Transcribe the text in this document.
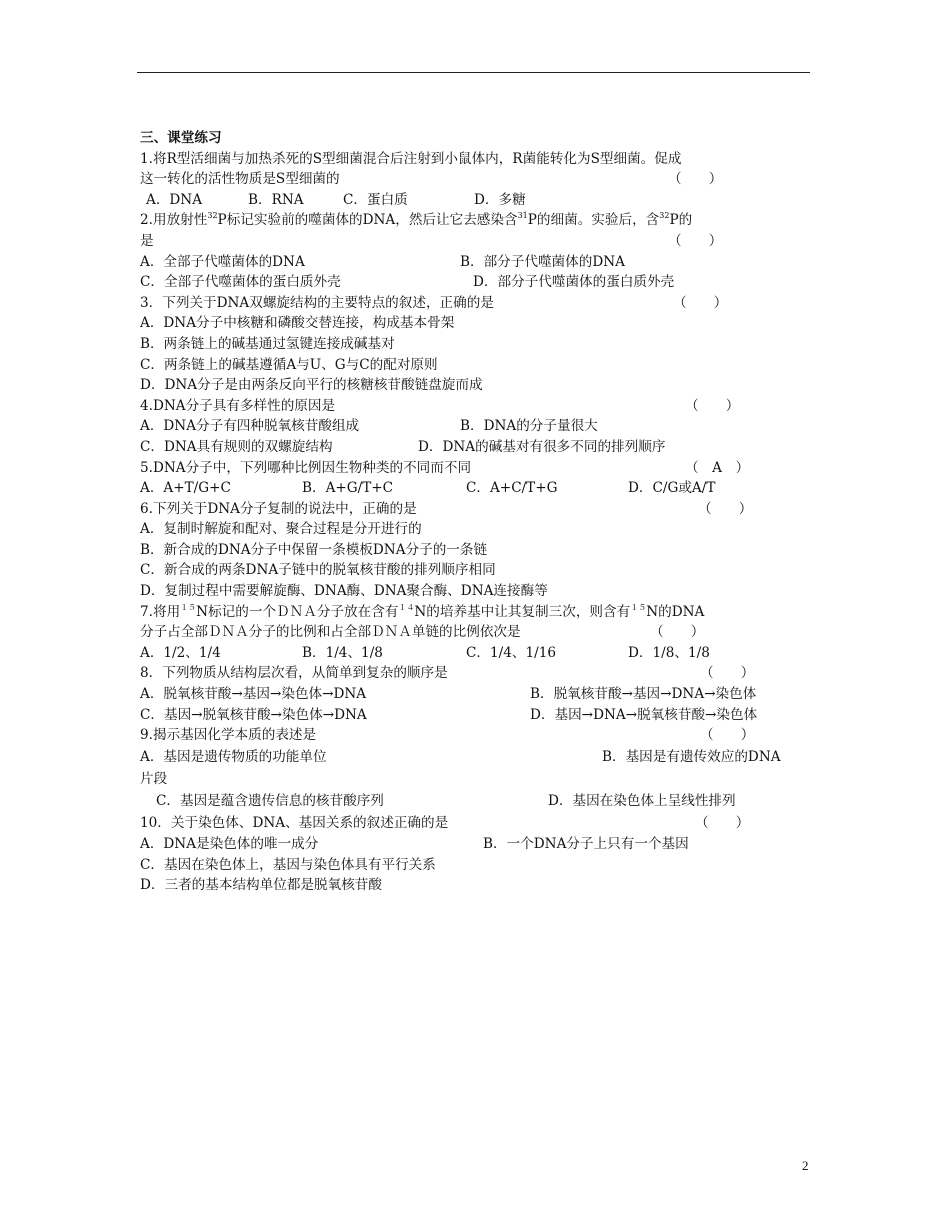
三、课堂练习
1.将R型活细菌与加热杀死的S型细菌混合后注射到小鼠体内，R菌能转化为S型细菌。促成
这一转化的活性物质是S型细菌的	（　　）
A．DNA	B．RNA	C．蛋白质	D．多糖
2.用放射性$^{32}$P标记实验前的噬菌体的DNA，然后让它去感染含$^{31}$P的细菌。实验后，含$^{32}$P的
是	（　　）
A．全部子代噬菌体的DNA	B．部分子代噬菌体的DNA
C．全部子代噬菌体的蛋白质外壳	D．部分子代噬菌体的蛋白质外壳
3．下列关于DNA双螺旋结构的主要特点的叙述，正确的是	（　　）
A．DNA分子中核糖和磷酸交替连接，构成基本骨架
B．两条链上的碱基通过氢键连接成碱基对
C．两条链上的碱基遵循A与U、G与C的配对原则
D．DNA分子是由两条反向平行的核糖核苷酸链盘旋而成
4.DNA分子具有多样性的原因是	（　　）
A．DNA分子有四种脱氧核苷酸组成	B．DNA的分子量很大
C．DNA具有规则的双螺旋结构	D．DNA的碱基对有很多不同的排列顺序
5.DNA分子中，下列哪种比例因生物种类的不同而不同	（　A　）
A．A+T/G+C	B．A+G/T+C	C．A+C/T+G	D．C/G或A/T
6.下列关于DNA分子复制的说法中，正确的是	（　　）
A．复制时解旋和配对、聚合过程是分开进行的
B．新合成的DNA分子中保留一条模板DNA分子的一条链
C．新合成的两条DNA子链中的脱氧核苷酸的排列顺序相同
D．复制过程中需要解旋酶、DNA酶、DNA聚合酶、DNA连接酶等
7.将用$^{15}$N标记的一个ＤＮＡ分子放在含有$^{14}$N的培养基中让其复制三次，则含有$^{15}$N的DNA
分子占全部ＤＮＡ分子的比例和占全部ＤＮＡ单链的比例依次是	（　　）
A．1/2、1/4	B．1/4、1/8	C．1/4、1/16	D．1/8、1/8
8．下列物质从结构层次看，从简单到复杂的顺序是	（　　）
A．脱氧核苷酸→基因→染色体→DNA	B．脱氧核苷酸→基因→DNA→染色体
C．基因→脱氧核苷酸→染色体→DNA	D．基因→DNA→脱氧核苷酸→染色体
9.揭示基因化学本质的表述是	（　　）
A．基因是遗传物质的功能单位	B．基因是有遗传效应的DNA
片段
C．基因是蕴含遗传信息的核苷酸序列	D．基因在染色体上呈线性排列
10．关于染色体、DNA、基因关系的叙述正确的是	（　　）
A．DNA是染色体的唯一成分	B．一个DNA分子上只有一个基因
C．基因在染色体上，基因与染色体具有平行关系
D．三者的基本结构单位都是脱氧核苷酸
2
